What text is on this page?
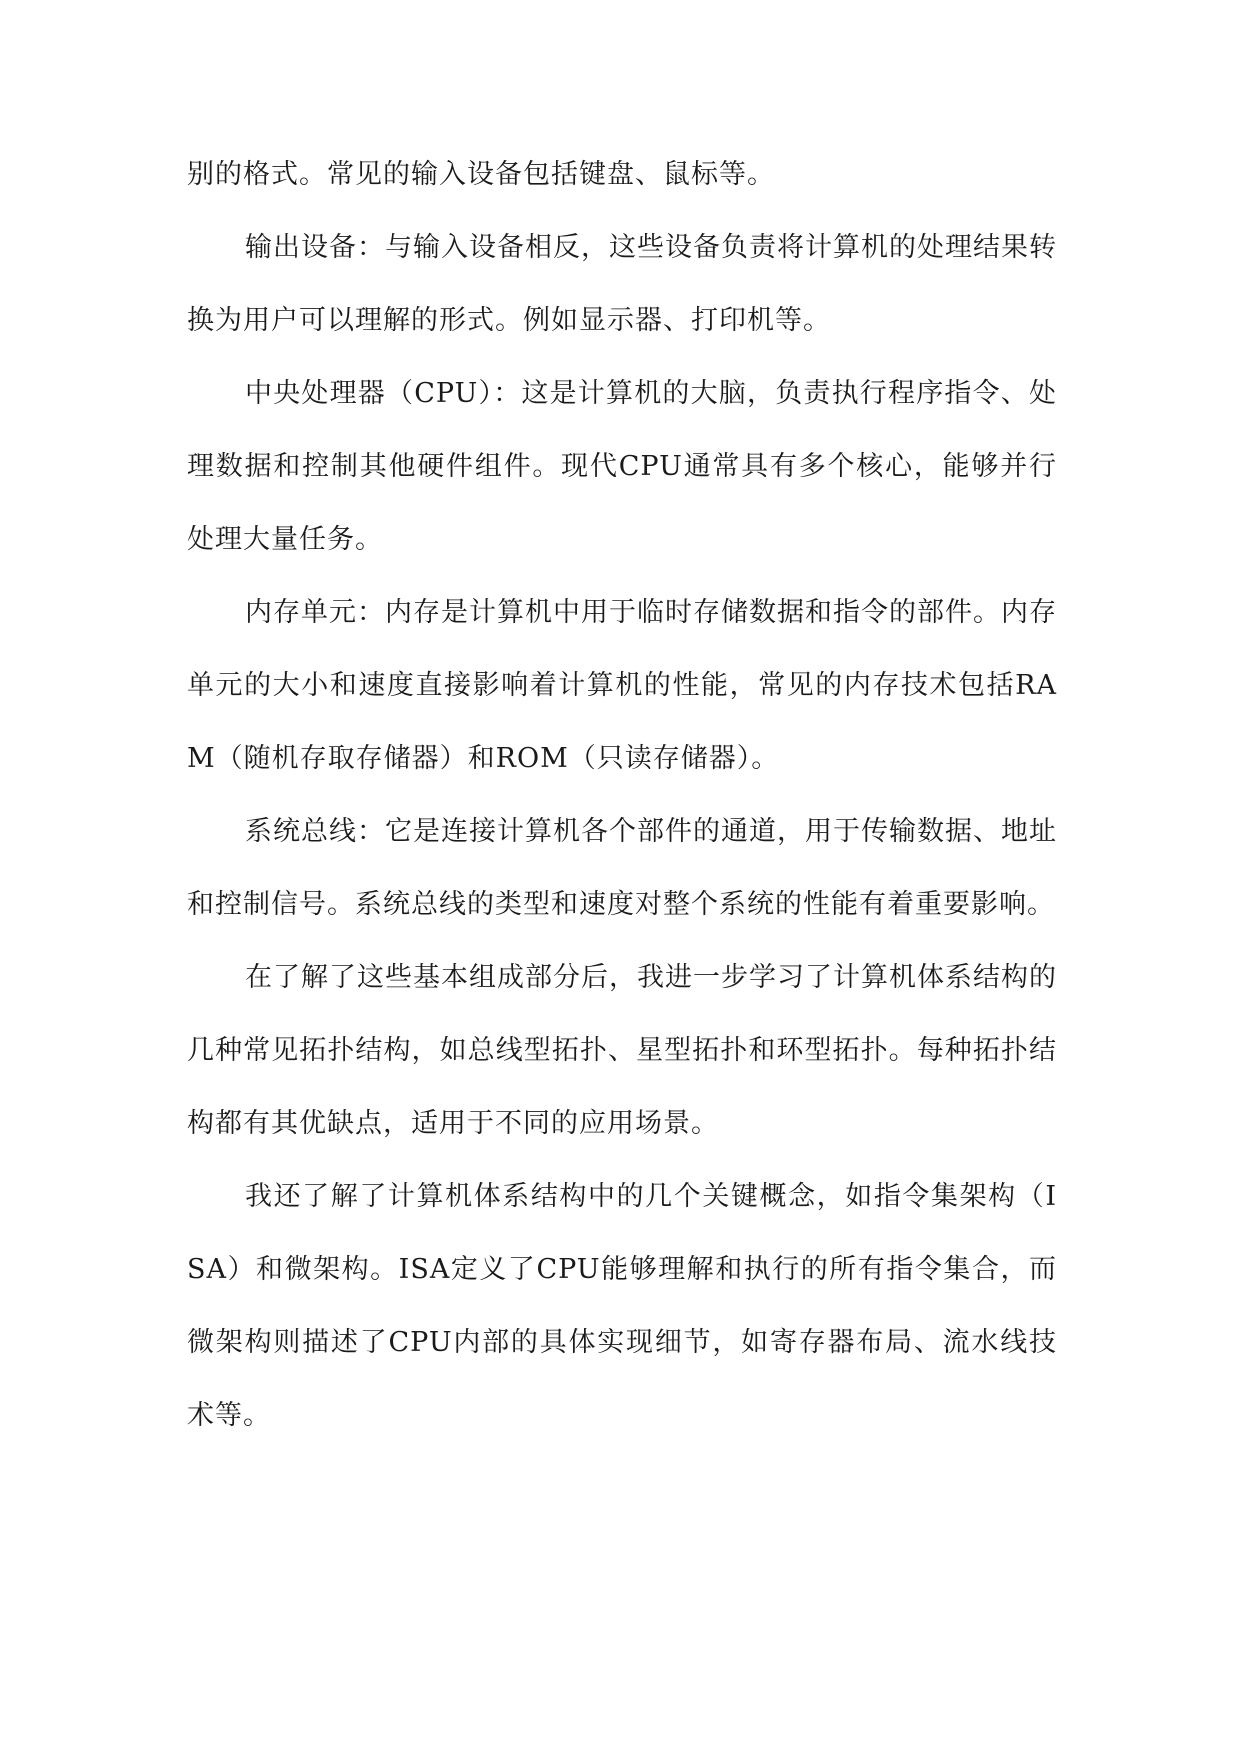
别的格式。常见的输入设备包括键盘、鼠标等。

输出设备：与输入设备相反，这些设备负责将计算机的处理结果转换为用户可以理解的形式。例如显示器、打印机等。

中央处理器（CPU）：这是计算机的大脑，负责执行程序指令、处理数据和控制其他硬件组件。现代CPU通常具有多个核心，能够并行处理大量任务。

内存单元：内存是计算机中用于临时存储数据和指令的部件。内存单元的大小和速度直接影响着计算机的性能，常见的内存技术包括RAM（随机存取存储器）和ROM（只读存储器）。

系统总线：它是连接计算机各个部件的通道，用于传输数据、地址和控制信号。系统总线的类型和速度对整个系统的性能有着重要影响。

在了解了这些基本组成部分后，我进一步学习了计算机体系结构的几种常见拓扑结构，如总线型拓扑、星型拓扑和环型拓扑。每种拓扑结构都有其优缺点，适用于不同的应用场景。

我还了解了计算机体系结构中的几个关键概念，如指令集架构（ISA）和微架构。ISA定义了CPU能够理解和执行的所有指令集合，而微架构则描述了CPU内部的具体实现细节，如寄存器布局、流水线技术等。
